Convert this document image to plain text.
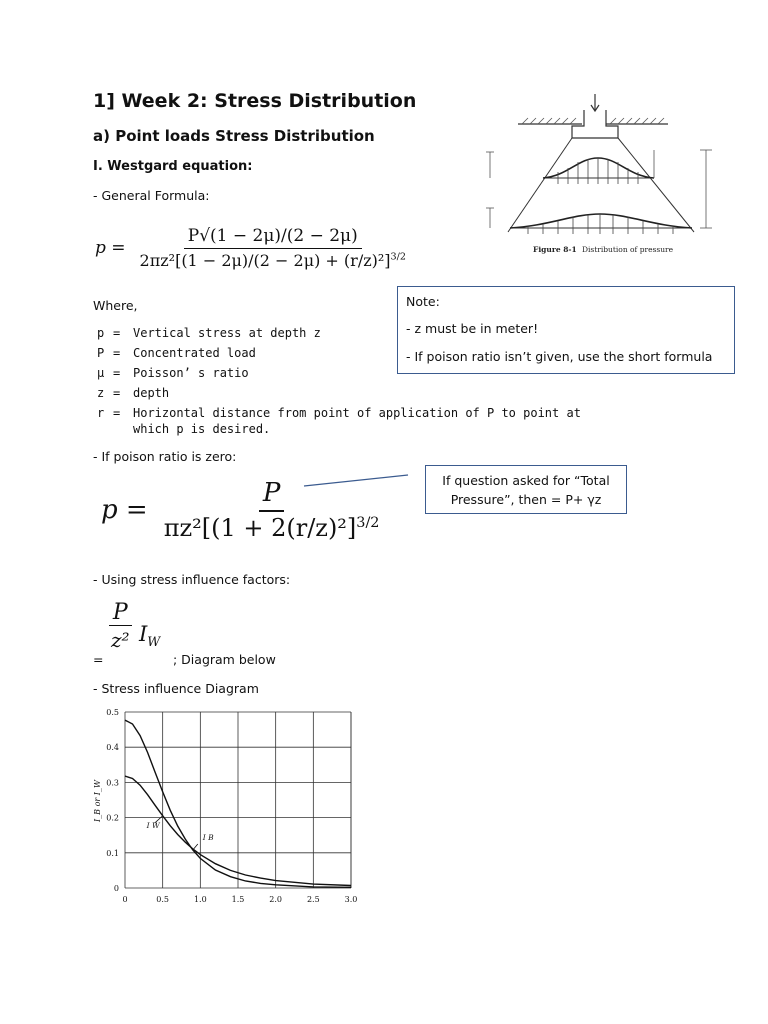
1] Week 2: Stress Distribution
a) Point loads Stress Distribution
I. Westgard equation:
- General Formula:
$p = \frac{P√(1 - 2\mu)/(2 - 2\mu)}{2\pi z^2[(1 - 2\mu)/(2 - 2\mu) + (r/z)^2]^{3/2}}$	Figure 8-1 Distribution of pressure
Note:
- z must be in meter!
- If poison ratio isn’t given, use the short formula
Where,
p = Vertical stress at depth z
P = Concentrated load
μ = Poisson’ s ratio
z = depth
r = Horizontal distance from point of application of P to point at
which p is desired.
- If poison ratio is zero:
$p = \frac{P}{\pi z^2[(1 + 2(r/z)^2]^{3/2}}$	If question asked for “Total
Pressure”, then = P+ γz
- Using stress influence factors:
=
$\frac{P}{\text{z²}} I_W$
; Diagram below
- Stress influence Diagram
0	0.5	1.0	1.5	2.0	2.5	3.0
0
0.1
0.2
0.3
0.4
0.5
I B
I W
I_B or I_W
